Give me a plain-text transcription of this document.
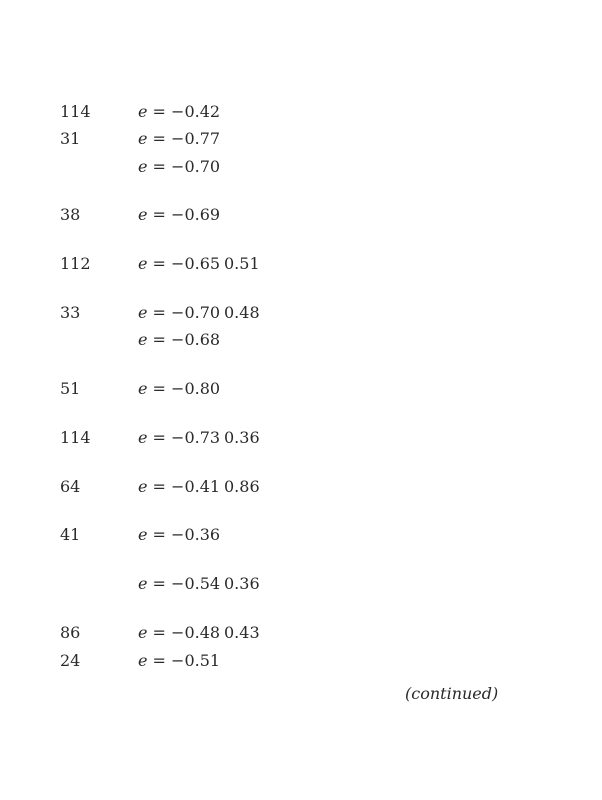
114	e = −0.42
31	e = −0.77
e = −0.70
38	e = −0.69
112	e = −0.65 0.51
33	e = −0.70 0.48
e = −0.68
51	e = −0.80
114	e = −0.73 0.36
64	e = −0.41 0.86
41	e = −0.36
e = −0.54 0.36
86	e = −0.48 0.43
24	e = −0.51
(continued)
